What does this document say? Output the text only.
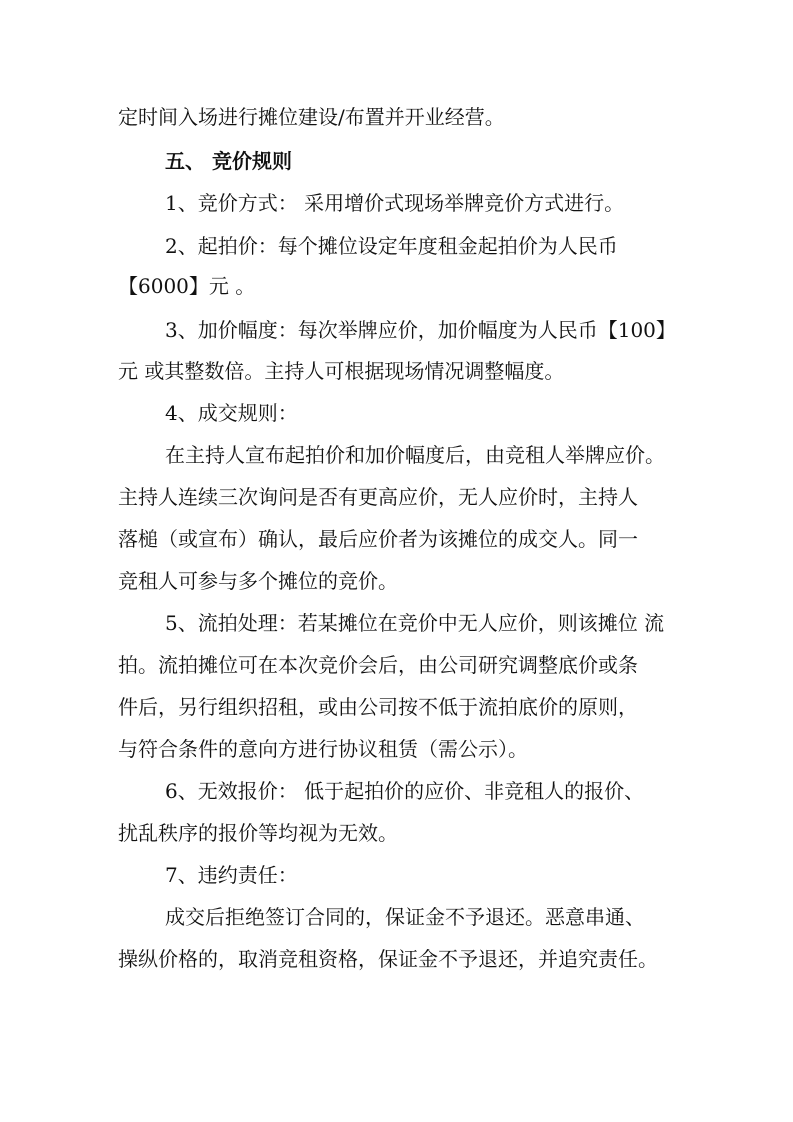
定时间入场进行摊位建设/布置并开业经营。
五、 竞价规则
1、竞价方式： 采用增价式现场举牌竞价方式进行。
2、起拍价：每个摊位设定年度租金起拍价为人民币
【6000】元 。
3、加价幅度：每次举牌应价，加价幅度为人民币【100】
元 或其整数倍。主持人可根据现场情况调整幅度。
4、成交规则：
在主持人宣布起拍价和加价幅度后，由竞租人举牌应价。
主持人连续三次询问是否有更高应价，无人应价时，主持人
落槌（或宣布）确认，最后应价者为该摊位的成交人。同一
竞租人可参与多个摊位的竞价。
5、流拍处理：若某摊位在竞价中无人应价，则该摊位 流
拍。流拍摊位可在本次竞价会后，由公司研究调整底价或条
件后，另行组织招租，或由公司按不低于流拍底价的原则，
与符合条件的意向方进行协议租赁（需公示）。
6、无效报价： 低于起拍价的应价、非竞租人的报价、
扰乱秩序的报价等均视为无效。
7、违约责任：
成交后拒绝签订合同的，保证金不予退还。恶意串通、
操纵价格的，取消竞租资格，保证金不予退还，并追究责任。
